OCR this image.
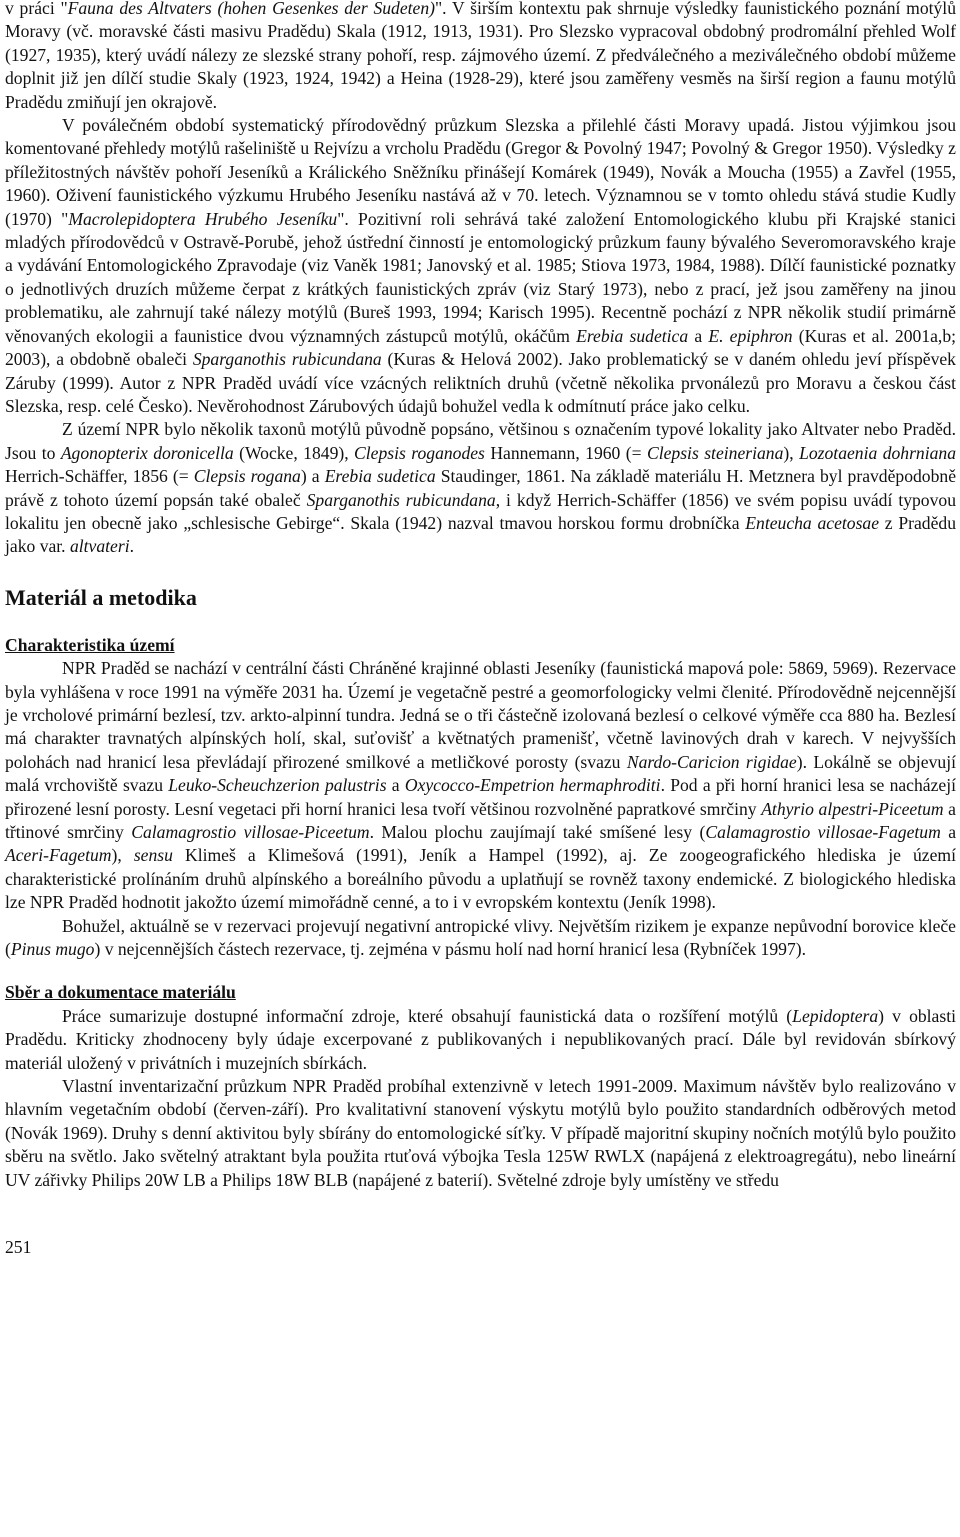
v práci "Fauna des Altvaters (hohen Gesenkes der Sudeten)". V širším kontextu pak shrnuje výsledky faunistického poznání motýlů Moravy (vč. moravské části masivu Pradědu) Skala (1912, 1913, 1931). Pro Slezsko vypracoval obdobný prodromální přehled Wolf (1927, 1935), který uvádí nálezy ze slezské strany pohoří, resp. zájmového území. Z předválečného a meziválečného období můžeme doplnit již jen dílčí studie Skaly (1923, 1924, 1942) a Heina (1928-29), které jsou zaměřeny vesměs na širší region a faunu motýlů Pradědu zmiňují jen okrajově.

V poválečném období systematický přírodovědný průzkum Slezska a přilehlé části Moravy upadá. Jistou výjimkou jsou komentované přehledy motýlů rašeliniště u Rejvízu a vrcholu Pradědu (Gregor & Povolný 1947; Povolný & Gregor 1950). Výsledky z příležitostných návštěv pohoří Jeseníků a Králického Sněžníku přinášejí Komárek (1949), Novák a Moucha (1955) a Zavřel (1955, 1960). Oživení faunistického výzkumu Hrubého Jeseníku nastává až v 70. letech. Významnou se v tomto ohledu stává studie Kudly (1970) "Macrolepidoptera Hrubého Jeseníku". Pozitivní roli sehrává také založení Entomologického klubu při Krajské stanici mladých přírodovědců v Ostravě-Porubě, jehož ústřední činností je entomologický průzkum fauny bývalého Severomoravského kraje a vydávání Entomologického Zpravodaje (viz Vaněk 1981; Janovský et al. 1985; Stiova 1973, 1984, 1988). Dílčí faunistické poznatky o jednotlivých druzích můžeme čerpat z krátkých faunistických zpráv (viz Starý 1973), nebo z prací, jež jsou zaměřeny na jinou problematiku, ale zahrnují také nálezy motýlů (Bureš 1993, 1994; Karisch 1995). Recentně pochází z NPR několik studií primárně věnovaných ekologii a faunistice dvou významných zástupců motýlů, okáčům Erebia sudetica a E. epiphron (Kuras et al. 2001a,b; 2003), a obdobně obaleči Sparganothis rubicundana (Kuras & Helová 2002). Jako problematický se v daném ohledu jeví příspěvek Záruby (1999). Autor z NPR Praděd uvádí více vzácných reliktních druhů (včetně několika prvonálezů pro Moravu a českou část Slezska, resp. celé Česko). Nevěrohodnost Zárubových údajů bohužel vedla k odmítnutí práce jako celku.

Z území NPR bylo několik taxonů motýlů původně popsáno, většinou s označením typové lokality jako Altvater nebo Praděd. Jsou to Agonopterix doronicella (Wocke, 1849), Clepsis roganodes Hannemann, 1960 (= Clepsis steineriana), Lozotaenia dohrniana Herrich-Schäffer, 1856 (= Clepsis rogana) a Erebia sudetica Staudinger, 1861. Na základě materiálu H. Metznera byl pravděpodobně právě z tohoto území popsán také obaleč Sparganothis rubicundana, i když Herrich-Schäffer (1856) ve svém popisu uvádí typovou lokalitu jen obecně jako „schlesische Gebirge“. Skala (1942) nazval tmavou horskou formu drobníčka Enteucha acetosae z Pradědu jako var. altvateri.

Materiál a metodika
Charakteristika území

NPR Praděd se nachází v centrální části Chráněné krajinné oblasti Jeseníky (faunistická mapová pole: 5869, 5969). Rezervace byla vyhlášena v roce 1991 na výměře 2031 ha. Území je vegetačně pestré a geomorfologicky velmi členité. Přírodovědně nejcennější je vrcholové primární bezlesí, tzv. arkto-alpinní tundra. Jedná se o tři částečně izolovaná bezlesí o celkové výměře cca 880 ha. Bezlesí má charakter travnatých alpínských holí, skal, suťovišť a květnatých pramenišť, včetně lavinových drah v karech. V nejvyšších polohách nad hranicí lesa převládají přirozené smilkové a metličkové porosty (svazu Nardo-Caricion rigidae). Lokálně se objevují malá vrchoviště svazu Leuko-Scheuchzerion palustris a Oxycocco-Empetrion hermaphroditi. Pod a při horní hranici lesa se nacházejí přirozené lesní porosty. Lesní vegetaci při horní hranici lesa tvoří většinou rozvolněné papratkové smrčiny Athyrio alpestri-Piceetum a třtinové smrčiny Calamagrostio villosae-Piceetum. Malou plochu zaujímají také smíšené lesy (Calamagrostio villosae-Fagetum a Aceri-Fagetum), sensu Klimeš a Klimešová (1991), Jeník a Hampel (1992), aj. Ze zoogeografického hlediska je území charakteristické prolínáním druhů alpínského a boreálního původu a uplatňují se rovněž taxony endemické. Z biologického hlediska lze NPR Praděd hodnotit jakožto území mimořádně cenné, a to i v evropském kontextu (Jeník 1998).

Bohužel, aktuálně se v rezervaci projevují negativní antropické vlivy. Největším rizikem je expanze nepůvodní borovice kleče (Pinus mugo) v nejcennějších částech rezervace, tj. zejména v pásmu holí nad horní hranicí lesa (Rybníček 1997).

Sběr a dokumentace materiálu

Práce sumarizuje dostupné informační zdroje, které obsahují faunistická data o rozšíření motýlů (Lepidoptera) v oblasti Pradědu. Kriticky zhodnoceny byly údaje excerpované z publikovaných i nepublikovaných prací. Dále byl revidován sbírkový materiál uložený v privátních i muzejních sbírkách.

Vlastní inventarizační průzkum NPR Praděd probíhal extenzivně v letech 1991-2009. Maximum návštěv bylo realizováno v hlavním vegetačním období (červen-září). Pro kvalitativní stanovení výskytu motýlů bylo použito standardních odběrových metod (Novák 1969). Druhy s denní aktivitou byly sbírány do entomologické síťky. V případě majoritní skupiny nočních motýlů bylo použito sběru na světlo. Jako světelný atraktant byla použita rtuťová výbojka Tesla 125W RWLX (napájená z elektroagregátu), nebo lineární UV zářivky Philips 20W LB a Philips 18W BLB (napájené z baterií). Světelné zdroje byly umístěny ve středu

251
